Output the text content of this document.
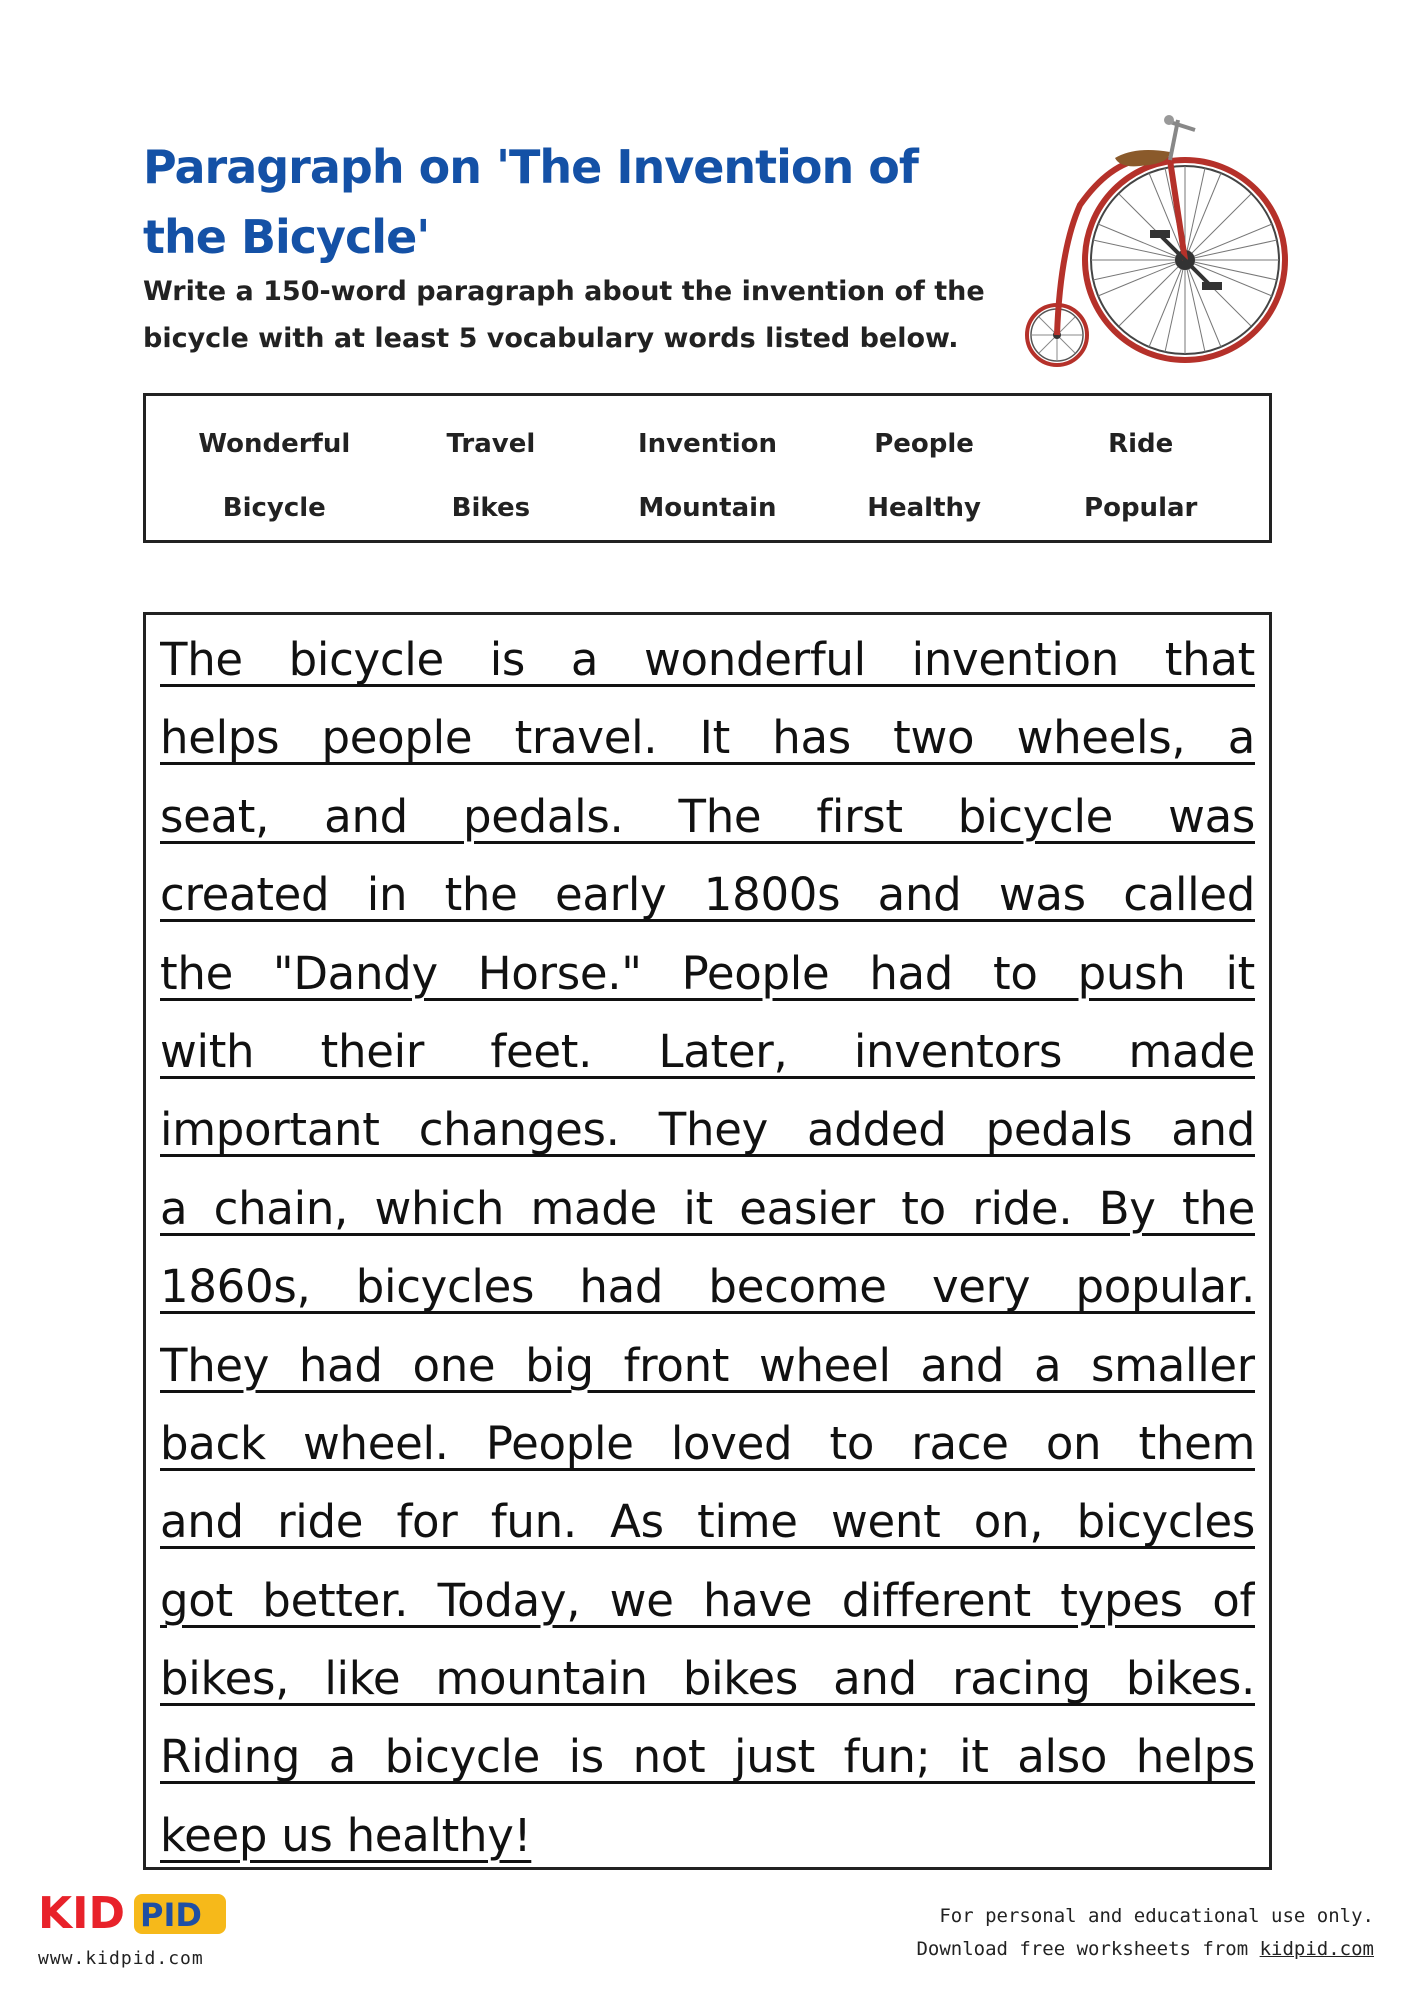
Paragraph on 'The Invention of the Bicycle'

Write a 150-word paragraph about the invention of the bicycle with at least 5 vocabulary words listed below.

Wonderful	Travel	Invention	People	Ride
Bicycle	Bikes	Mountain	Healthy	Popular
The bicycle is a wonderful invention that
helps people travel. It has two wheels, a
seat, and pedals. The first bicycle was
created in the early 1800s and was called
the "Dandy Horse." People had to push it
with their feet. Later, inventors made
important changes. They added pedals and
a chain, which made it easier to ride. By the
1860s, bicycles had become very popular.
They had one big front wheel and a smaller
back wheel. People loved to race on them
and ride for fun. As time went on, bicycles
got better. Today, we have different types of
bikes, like mountain bikes and racing bikes.
Riding a bicycle is not just fun; it also helps
keep us healthy!
KID PID
www.kidpid.com
For personal and educational use only.
Download free worksheets from kidpid.com
